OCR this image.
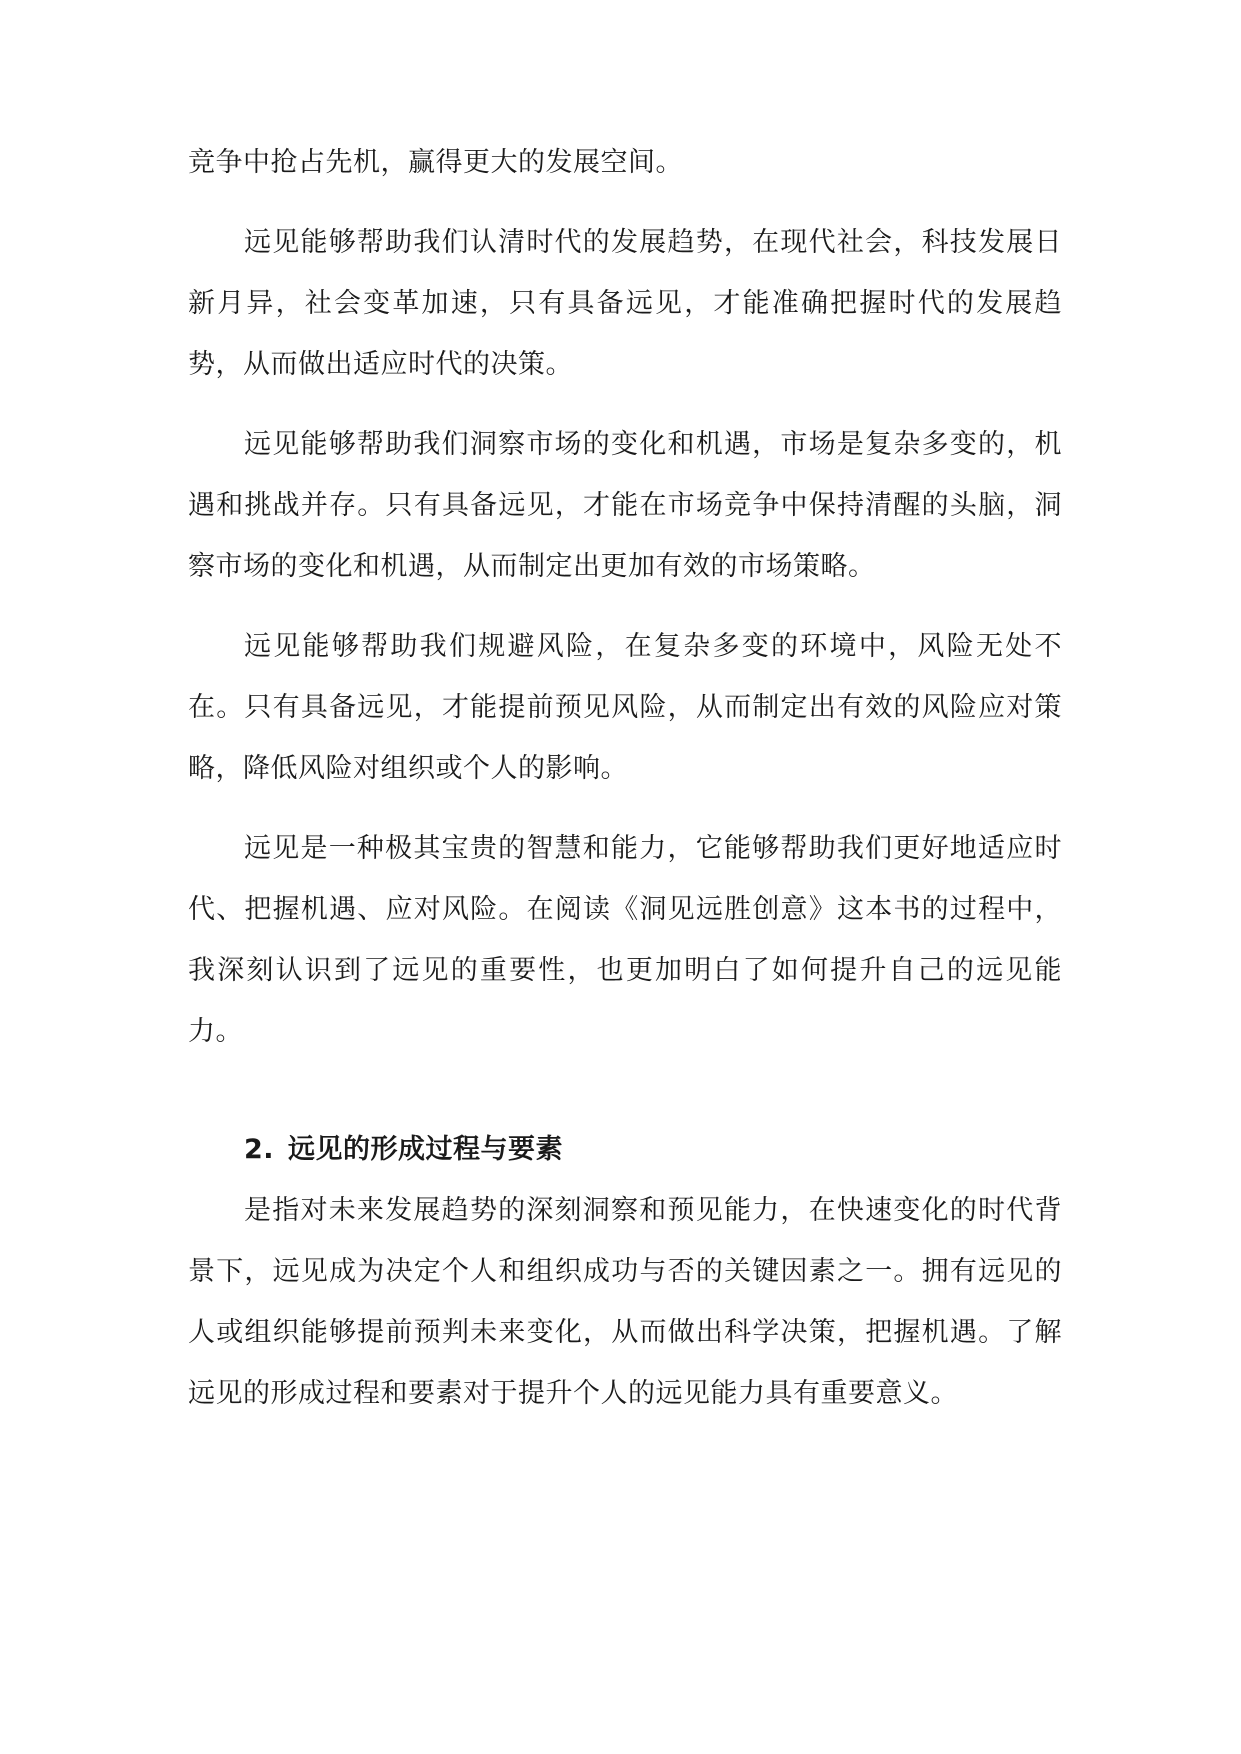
竞争中抢占先机，赢得更大的发展空间。

远见能够帮助我们认清时代的发展趋势，在现代社会，科技发展日新月异，社会变革加速，只有具备远见，才能准确把握时代的发展趋势，从而做出适应时代的决策。

远见能够帮助我们洞察市场的变化和机遇，市场是复杂多变的，机遇和挑战并存。只有具备远见，才能在市场竞争中保持清醒的头脑，洞察市场的变化和机遇，从而制定出更加有效的市场策略。

远见能够帮助我们规避风险，在复杂多变的环境中，风险无处不在。只有具备远见，才能提前预见风险，从而制定出有效的风险应对策略，降低风险对组织或个人的影响。

远见是一种极其宝贵的智慧和能力，它能够帮助我们更好地适应时代、把握机遇、应对风险。在阅读《洞见远胜创意》这本书的过程中，我深刻认识到了远见的重要性，也更加明白了如何提升自己的远见能力。

2. 远见的形成过程与要素

是指对未来发展趋势的深刻洞察和预见能力，在快速变化的时代背景下，远见成为决定个人和组织成功与否的关键因素之一。拥有远见的人或组织能够提前预判未来变化，从而做出科学决策，把握机遇。了解远见的形成过程和要素对于提升个人的远见能力具有重要意义。
